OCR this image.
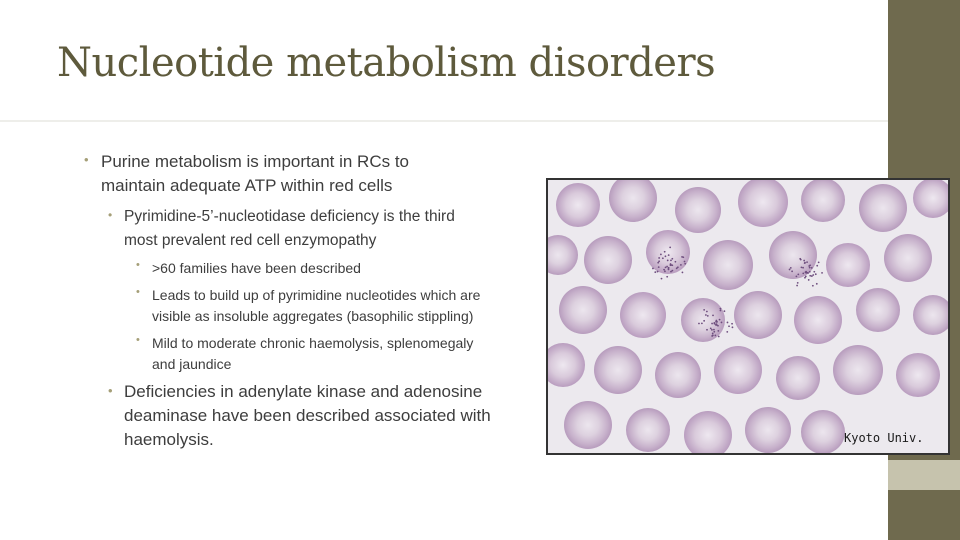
Nucleotide metabolism disorders
• Purine metabolism is important in RCs to
maintain adequate ATP within red cells
• Pyrimidine-5’-nucleotidase deficiency is the third
most prevalent red cell enzymopathy
• >60 families have been described
• Leads to build up of pyrimidine nucleotides which are
visible as insoluble aggregates (basophilic stippling)
• Mild to moderate chronic haemolysis, splenomegaly
and jaundice
• Deficiencies in adenylate kinase and adenosine
deaminase have been described associated with
haemolysis.	Kyoto Univ.
